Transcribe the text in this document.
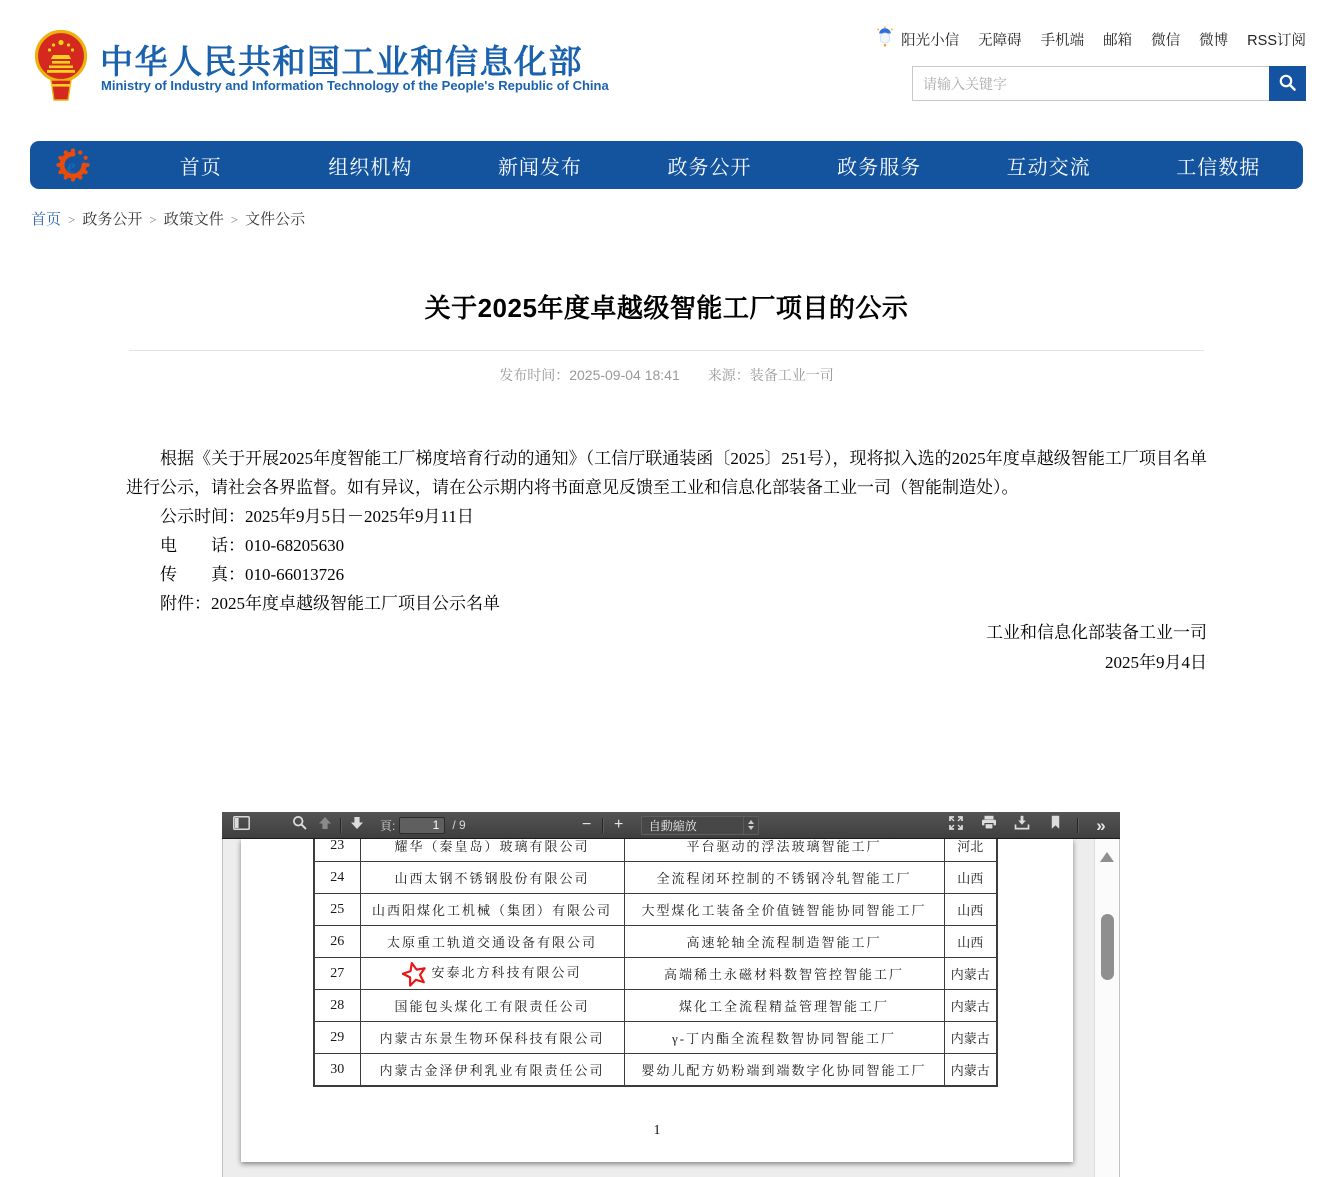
中华人民共和国工业和信息化部
Ministry of Industry and Information Technology of the People's Republic of China
阳光小信 无障碍 手机端 邮箱 微信 微博 RSS订阅
请输入关键字
e	首页	组织机构	新闻发布	政务公开	政务服务	互动交流	工信数据
首页 > 政务公开 > 政策文件 > 文件公示
关于2025年度卓越级智能工厂项目的公示
发布时间：2025-09-04 18:41 来源：装备工业一司

根据《关于开展2025年度智能工厂梯度培育行动的通知》（工信厅联通装函〔2025〕251号），现将拟入选的2025年度卓越级智能工厂项目名单进行公示，请社会各界监督。如有异议，请在公示期内将书面意见反馈至工业和信息化部装备工业一司（智能制造处）。

公示时间：2025年9月5日－2025年9月11日

电　　话：010-68205630

传　　真：010-66013726

附件：2025年度卓越级智能工厂项目公示名单

工业和信息化部装备工业一司

2025年9月4日

頁:
1	/ 9	− + 自動縮放	»
23	耀华（秦皇岛）玻璃有限公司	平台驱动的浮法玻璃智能工厂	河北
24	山西太钢不锈钢股份有限公司	全流程闭环控制的不锈钢冷轧智能工厂	山西
25	山西阳煤化工机械（集团）有限公司	大型煤化工装备全价值链智能协同智能工厂	山西
26	太原重工轨道交通设备有限公司	高速轮轴全流程制造智能工厂	山西
27	安泰北方科技有限公司	高端稀土永磁材料数智管控智能工厂	内蒙古
28	国能包头煤化工有限责任公司	煤化工全流程精益管理智能工厂	内蒙古
29	内蒙古东景生物环保科技有限公司	γ-丁内酯全流程数智协同智能工厂	内蒙古
30	内蒙古金泽伊利乳业有限责任公司	婴幼儿配方奶粉端到端数字化协同智能工厂	内蒙古
1
